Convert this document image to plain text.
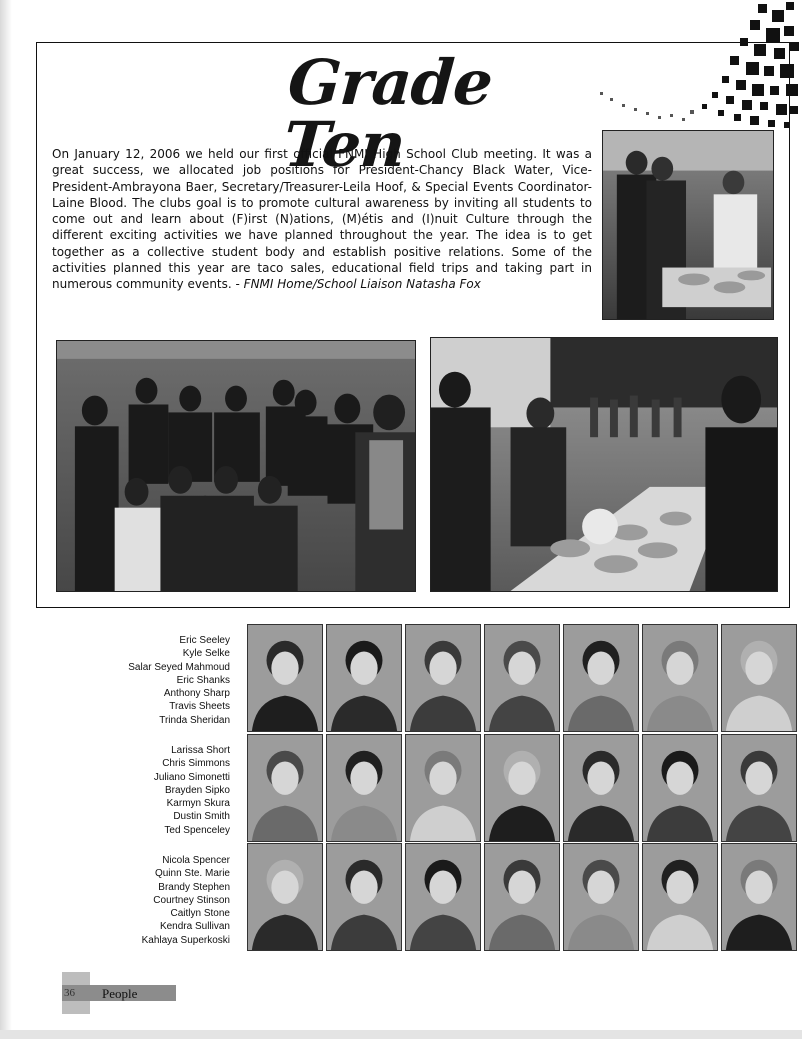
Grade Ten
On January 12, 2006 we held our first official FNMI High School Club meeting. It was a great success, we allocated job positions for President-Chancy Black Water, Vice-President-Ambrayona Baer, Secretary/Treasurer-Leila Hoof, & Special Events Coordinator- Laine Blood. The clubs goal is to promote cultural awareness by inviting all students to come out and learn about (F)irst (N)ations, (M)étis and (I)nuit Culture through the different exciting activities we have planned throughout the year. The idea is to get together as a collective student body and establish positive relations. Some of the activities planned this year are taco sales, educational field trips and taking part in numerous community events. - FNMI Home/School Liaison Natasha Fox
Eric Seeley
Kyle Selke
Salar Seyed Mahmoud
Eric Shanks
Anthony Sharp
Travis Sheets
Trinda Sheridan
Larissa Short
Chris Simmons
Juliano Simonetti
Brayden Sipko
Karmyn Skura
Dustin Smith
Ted Spenceley
Nicola Spencer
Quinn Ste. Marie
Brandy Stephen
Courtney Stinson
Caitlyn Stone
Kendra Sullivan
Kahlaya Superkoski
36 People
